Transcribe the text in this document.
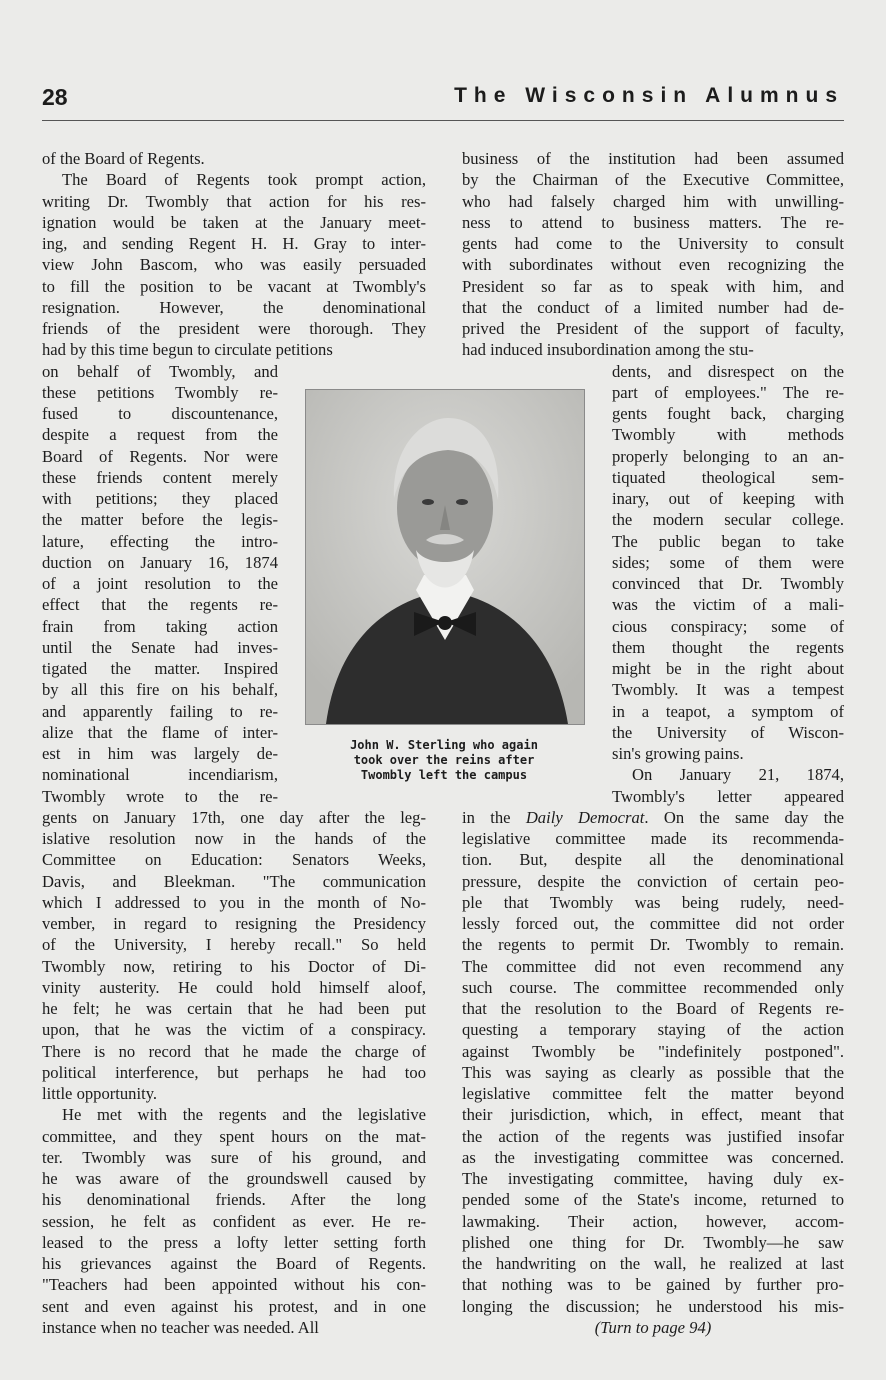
28	The Wisconsin Alumnus
of the Board of Regents.
The Board of Regents took prompt action,
writing Dr. Twombly that action for his res-
ignation would be taken at the January meet-
ing, and sending Regent H. H. Gray to inter-
view John Bascom, who was easily persuaded
to fill the position to be vacant at Twombly's
resignation. However, the denominational
friends of the president were thorough. They
had by this time begun to circulate petitions
on behalf of Twombly, and
these petitions Twombly re-
fused to discountenance,
despite a request from the
Board of Regents. Nor were
these friends content merely
with petitions; they placed
the matter before the legis-
lature, effecting the intro-
duction on January 16, 1874
of a joint resolution to the
effect that the regents re-
frain from taking action
until the Senate had inves-
tigated the matter. Inspired
by all this fire on his behalf,
and apparently failing to re-
alize that the flame of inter-
est in him was largely de-
nominational incendiarism,
Twombly wrote to the re-
gents on January 17th, one day after the leg-
islative resolution now in the hands of the
Committee on Education: Senators Weeks,
Davis, and Bleekman. "The communication
which I addressed to you in the month of No-
vember, in regard to resigning the Presidency
of the University, I hereby recall." So held
Twombly now, retiring to his Doctor of Di-
vinity austerity. He could hold himself aloof,
he felt; he was certain that he had been put
upon, that he was the victim of a conspiracy.
There is no record that he made the charge of
political interference, but perhaps he had too
little opportunity.
He met with the regents and the legislative
committee, and they spent hours on the mat-
ter. Twombly was sure of his ground, and
he was aware of the groundswell caused by
his denominational friends. After the long
session, he felt as confident as ever. He re-
leased to the press a lofty letter setting forth
his grievances against the Board of Regents.
"Teachers had been appointed without his con-
sent and even against his protest, and in one
instance when no teacher was needed. All
business of the institution had been assumed
by the Chairman of the Executive Committee,
who had falsely charged him with unwilling-
ness to attend to business matters. The re-
gents had come to the University to consult
with subordinates without even recognizing the
President so far as to speak with him, and
that the conduct of a limited number had de-
prived the President of the support of faculty,
had induced insubordination among the stu-
dents, and disrespect on the
part of employees." The re-
gents fought back, charging
Twombly with methods
properly belonging to an an-
tiquated theological sem-
inary, out of keeping with
the modern secular college.
The public began to take
sides; some of them were
convinced that Dr. Twombly
was the victim of a mali-
cious conspiracy; some of
them thought the regents
might be in the right about
Twombly. It was a tempest
in a teapot, a symptom of
the University of Wiscon-
sin's growing pains.
On January 21, 1874,
Twombly's letter appeared
in the Daily Democrat. On the same day the
legislative committee made its recommenda-
tion. But, despite all the denominational
pressure, despite the conviction of certain peo-
ple that Twombly was being rudely, need-
lessly forced out, the committee did not order
the regents to permit Dr. Twombly to remain.
The committee did not even recommend any
such course. The committee recommended only
that the resolution to the Board of Regents re-
questing a temporary staying of the action
against Twombly be "indefinitely postponed".
This was saying as clearly as possible that the
legislative committee felt the matter beyond
their jurisdiction, which, in effect, meant that
the action of the regents was justified insofar
as the investigating committee was concerned.
The investigating committee, having duly ex-
pended some of the State's income, returned to
lawmaking. Their action, however, accom-
plished one thing for Dr. Twombly—he saw
the handwriting on the wall, he realized at last
that nothing was to be gained by further pro-
longing the discussion; he understood his mis-
(Turn to page 94)
John W. Sterling who again
took over the reins after
Twombly left the campus
